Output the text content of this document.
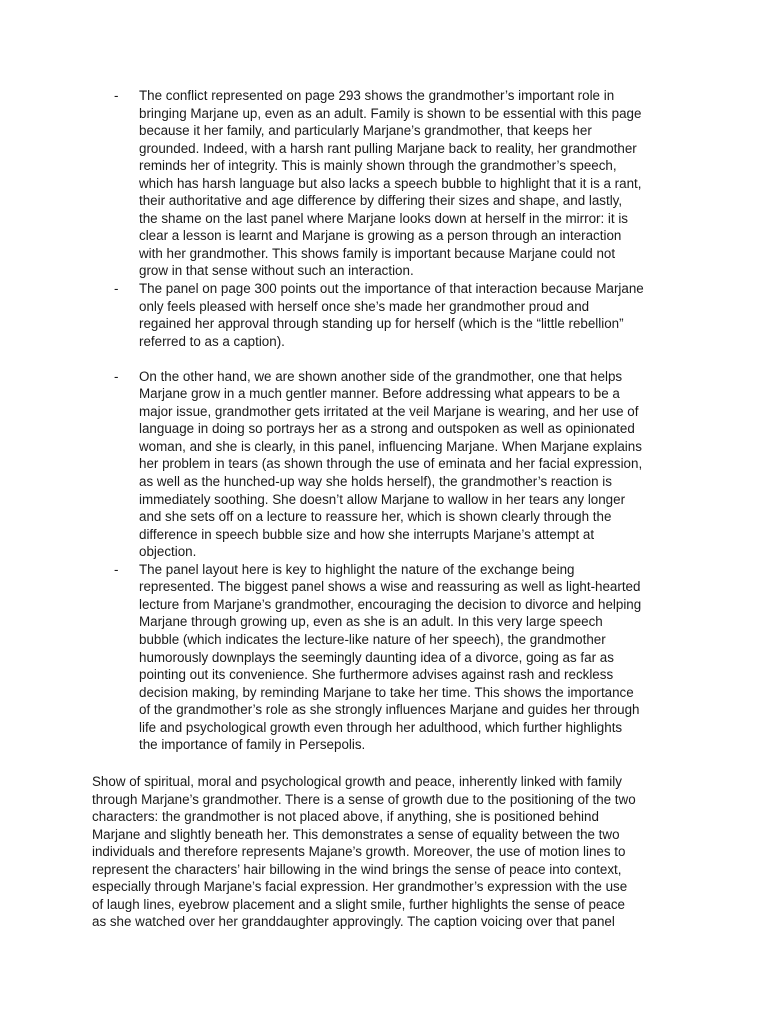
- The conflict represented on page 293 shows the grandmother’s important role in
bringing Marjane up, even as an adult. Family is shown to be essential with this page
because it her family, and particularly Marjane’s grandmother, that keeps her
grounded. Indeed, with a harsh rant pulling Marjane back to reality, her grandmother
reminds her of integrity. This is mainly shown through the grandmother’s speech,
which has harsh language but also lacks a speech bubble to highlight that it is a rant,
their authoritative and age difference by differing their sizes and shape, and lastly,
the shame on the last panel where Marjane looks down at herself in the mirror: it is
clear a lesson is learnt and Marjane is growing as a person through an interaction
with her grandmother. This shows family is important because Marjane could not
grow in that sense without such an interaction.
- The panel on page 300 points out the importance of that interaction because Marjane
only feels pleased with herself once she’s made her grandmother proud and
regained her approval through standing up for herself (which is the “little rebellion”
referred to as a caption).
- On the other hand, we are shown another side of the grandmother, one that helps
Marjane grow in a much gentler manner. Before addressing what appears to be a
major issue, grandmother gets irritated at the veil Marjane is wearing, and her use of
language in doing so portrays her as a strong and outspoken as well as opinionated
woman, and she is clearly, in this panel, influencing Marjane. When Marjane explains
her problem in tears (as shown through the use of eminata and her facial expression,
as well as the hunched-up way she holds herself), the grandmother’s reaction is
immediately soothing. She doesn’t allow Marjane to wallow in her tears any longer
and she sets off on a lecture to reassure her, which is shown clearly through the
difference in speech bubble size and how she interrupts Marjane’s attempt at
objection.
- The panel layout here is key to highlight the nature of the exchange being
represented. The biggest panel shows a wise and reassuring as well as light-hearted
lecture from Marjane’s grandmother, encouraging the decision to divorce and helping
Marjane through growing up, even as she is an adult. In this very large speech
bubble (which indicates the lecture-like nature of her speech), the grandmother
humorously downplays the seemingly daunting idea of a divorce, going as far as
pointing out its convenience. She furthermore advises against rash and reckless
decision making, by reminding Marjane to take her time. This shows the importance
of the grandmother’s role as she strongly influences Marjane and guides her through
life and psychological growth even through her adulthood, which further highlights
the importance of family in Persepolis.

Show of spiritual, moral and psychological growth and peace, inherently linked with family
through Marjane’s grandmother. There is a sense of growth due to the positioning of the two
characters: the grandmother is not placed above, if anything, she is positioned behind
Marjane and slightly beneath her. This demonstrates a sense of equality between the two
individuals and therefore represents Majane’s growth. Moreover, the use of motion lines to
represent the characters’ hair billowing in the wind brings the sense of peace into context,
especially through Marjane’s facial expression. Her grandmother’s expression with the use
of laugh lines, eyebrow placement and a slight smile, further highlights the sense of peace
as she watched over her granddaughter approvingly. The caption voicing over that panel
